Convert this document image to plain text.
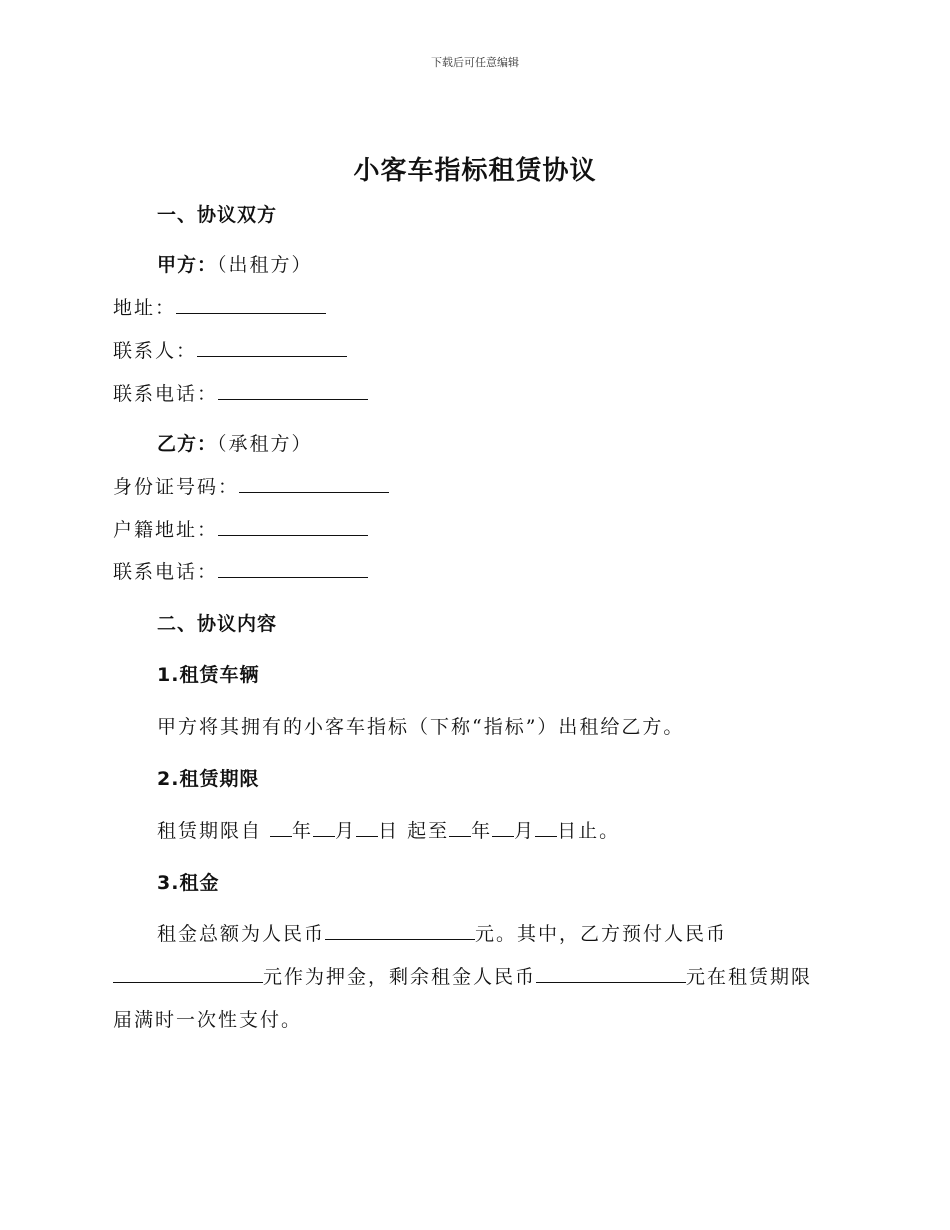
下载后可任意编辑
小客车指标租赁协议
一、协议双方
甲方：（出租方）
地址：
联系人：
联系电话：
乙方：（承租方）
身份证号码：
户籍地址：
联系电话：
二、协议内容
1.租赁车辆
甲方将其拥有的小客车指标（下称“指标”）出租给乙方。
2.租赁期限
租赁期限自 年 月 日 起至 年 月 日止。
3.租金
租金总额为人民币	元。其中，乙方预付人民币
元作为押金，剩余租金人民币	元在租赁期限
届满时一次性支付。
